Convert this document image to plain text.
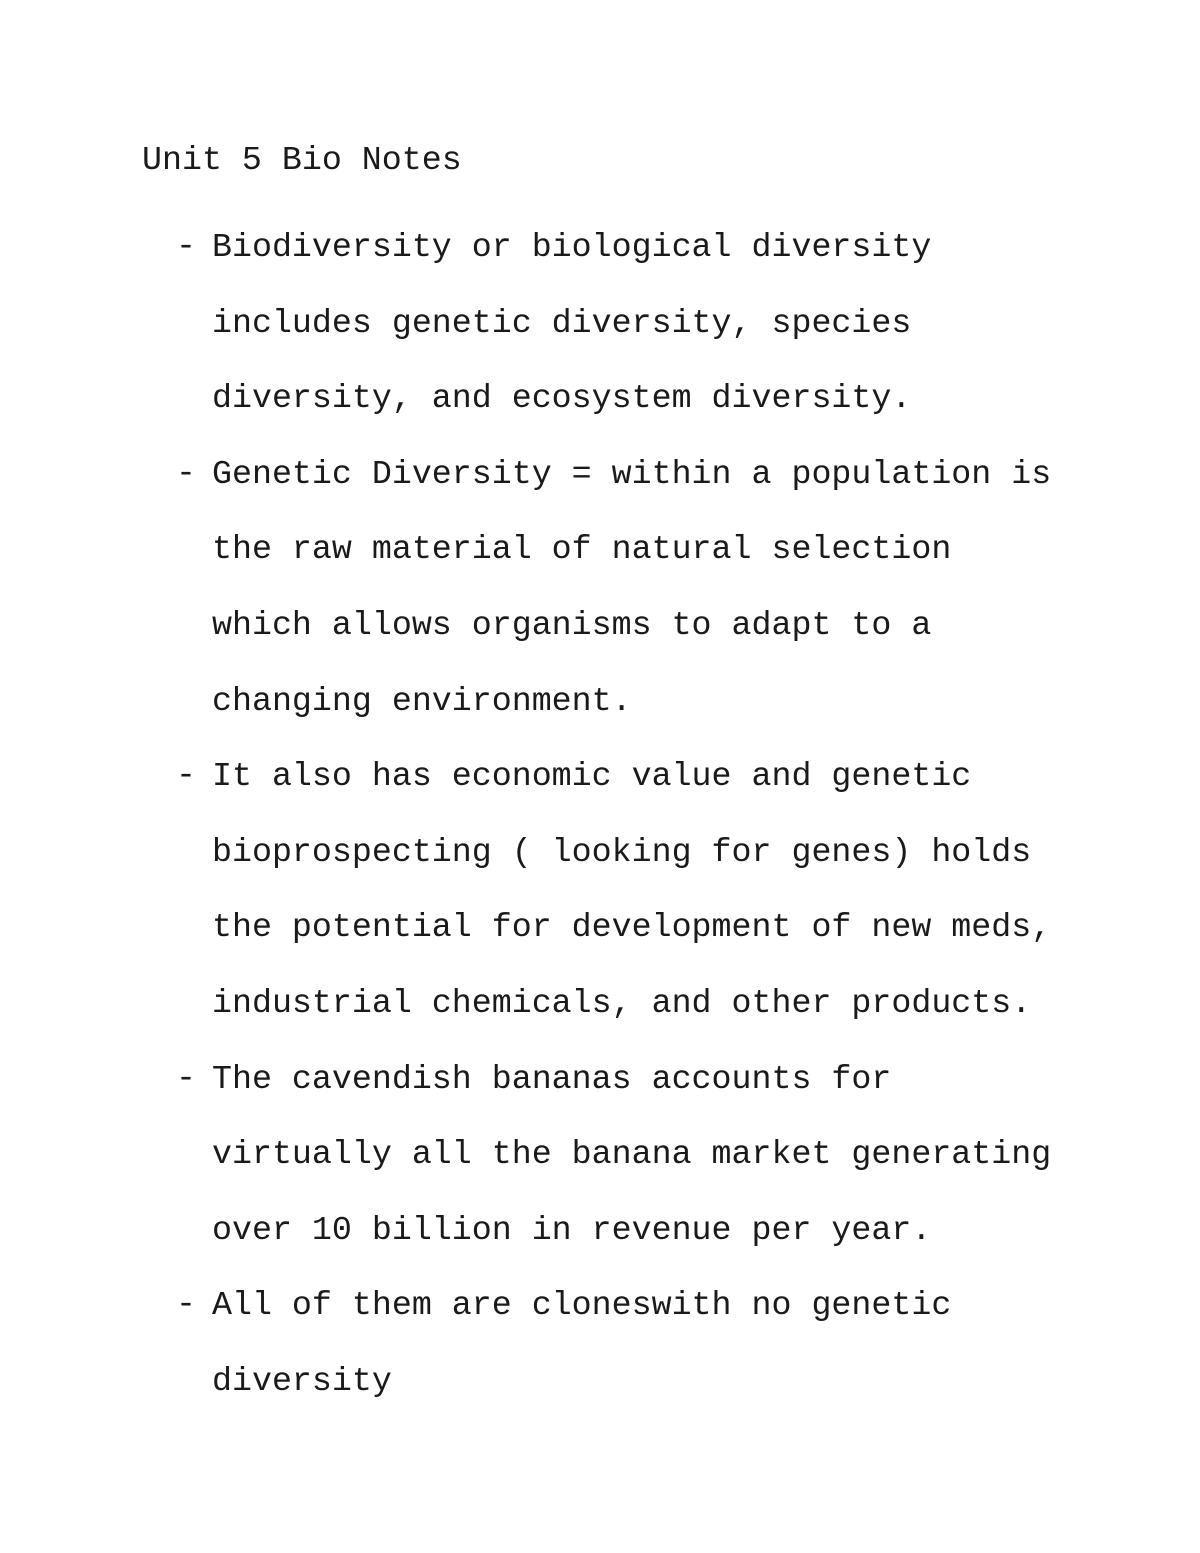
Unit 5 Bio Notes
- Biodiversity or biological diversity
includes genetic diversity, species
diversity, and ecosystem diversity.
- Genetic Diversity = within a population is
the raw material of natural selection
which allows organisms to adapt to a
changing environment.
- It also has economic value and genetic
bioprospecting ( looking for genes) holds
the potential for development of new meds,
industrial chemicals, and other products.
- The cavendish bananas accounts for
virtually all the banana market generating
over 10 billion in revenue per year.
- All of them are cloneswith no genetic
diversity
